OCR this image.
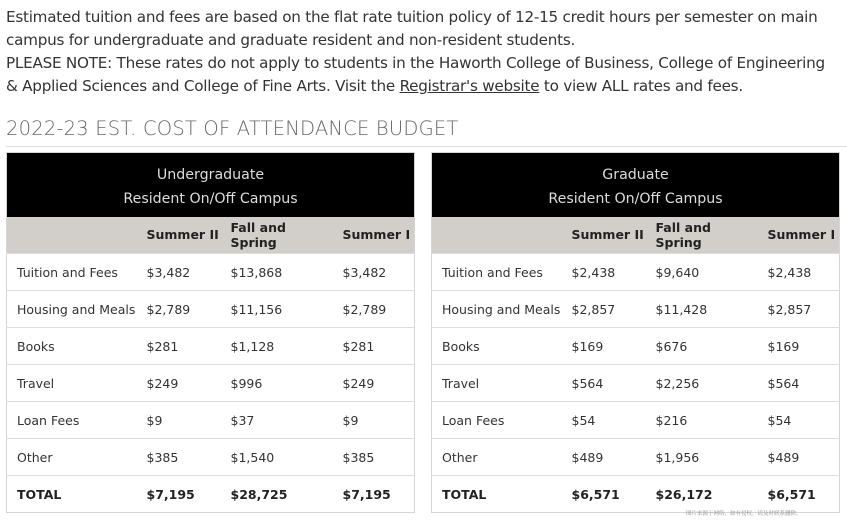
Estimated tuition and fees are based on the flat rate tuition policy of 12-15 credit hours per semester on main campus for undergraduate and graduate resident and non-resident students.

PLEASE NOTE: These rates do not apply to students in the Haworth College of Business, College of Engineering & Applied Sciences and College of Fine Arts. Visit the Registrar's website to view ALL rates and fees.

2022-23 EST. COST OF ATTENDANCE BUDGET
Undergraduate
Resident On/Off Campus			

	Summer II	Fall and Spring	Summer I
Tuition and Fees	$3,482	$13,868	$3,482
Housing and Meals	$2,789	$11,156	$2,789
Books	$281	$1,128	$281
Travel	$249	$996	$249
Loan Fees	$9	$37	$9
Other	$385	$1,540	$385
TOTAL	$7,195	$28,725	$7,195
Graduate
Resident On/Off Campus			

	Summer II	Fall and Spring	Summer I
Tuition and Fees	$2,438	$9,640	$2,438
Housing and Meals	$2,857	$11,428	$2,857
Books	$169	$676	$169
Travel	$564	$2,256	$564
Loan Fees	$54	$216	$54
Other	$489	$1,956	$489
TOTAL	$6,571	$26,172	$6,571
图片来源于网络，如有侵权，请及时联系删除。
